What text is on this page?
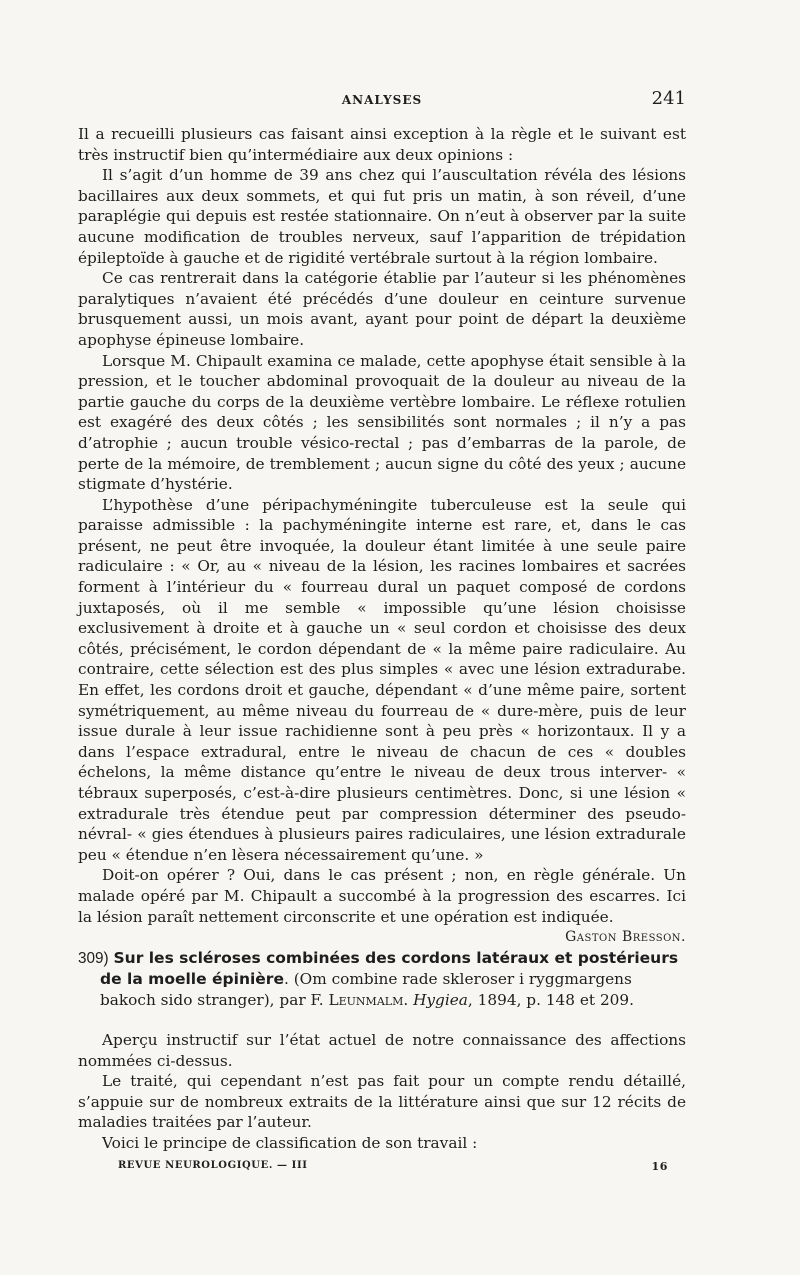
ANALYSES	241

Il a recueilli plusieurs cas faisant ainsi exception à la règle et le suivant est très instructif bien qu’intermédiaire aux deux opinions :

Il s’agit d’un homme de 39 ans chez qui l’auscultation révéla des lésions bacillaires aux deux sommets, et qui fut pris un matin, à son réveil, d’une paraplégie qui depuis est restée stationnaire. On n’eut à observer par la suite aucune modification de troubles nerveux, sauf l’apparition de trépidation épileptoïde à gauche et de rigidité vertébrale surtout à la région lombaire.

Ce cas rentrerait dans la catégorie établie par l’auteur si les phénomènes paralytiques n’avaient été précédés d’une douleur en ceinture survenue brusquement aussi, un mois avant, ayant pour point de départ la deuxième apophyse épineuse lombaire.

Lorsque M. Chipault examina ce malade, cette apophyse était sensible à la pression, et le toucher abdominal provoquait de la douleur au niveau de la partie gauche du corps de la deuxième vertèbre lombaire. Le réflexe rotulien est exagéré des deux côtés ; les sensibilités sont normales ; il n’y a pas d’atrophie ; aucun trouble vésico-rectal ; pas d’embarras de la parole, de perte de la mémoire, de tremblement ; aucun signe du côté des yeux ; aucune stigmate d’hystérie.

L’hypothèse d’une péripachyméningite tuberculeuse est la seule qui paraisse admissible : la pachyméningite interne est rare, et, dans le cas présent, ne peut être invoquée, la douleur étant limitée à une seule paire radiculaire : « Or, au « niveau de la lésion, les racines lombaires et sacrées forment à l’intérieur du « fourreau dural un paquet composé de cordons juxtaposés, où il me semble « impossible qu’une lésion choisisse exclusivement à droite et à gauche un « seul cordon et choisisse des deux côtés, précisément, le cordon dépendant de « la même paire radiculaire. Au contraire, cette sélection est des plus simples « avec une lésion extradurabe. En effet, les cordons droit et gauche, dépendant « d’une même paire, sortent symétriquement, au même niveau du fourreau de « dure-mère, puis de leur issue durale à leur issue rachidienne sont à peu près « horizontaux. Il y a dans l’espace extradural, entre le niveau de chacun de ces « doubles échelons, la même distance qu’entre le niveau de deux trous interver- « tébraux superposés, c’est-à-dire plusieurs centimètres. Donc, si une lésion « extradurale très étendue peut par compression déterminer des pseudo-névral- « gies étendues à plusieurs paires radiculaires, une lésion extradurale peu « étendue n’en lèsera nécessairement qu’une. »

Doit-on opérer ? Oui, dans le cas présent ; non, en règle générale. Un malade opéré par M. Chipault a succombé à la progression des escarres. Ici la lésion paraît nettement circonscrite et une opération est indiquée.

Gaston Bresson.
309) Sur les scléroses combinées des cordons latéraux et postérieurs
de la moelle épinière. (Om combine rade skleroser i ryggmargens bakoch sido stranger), par F. Leunmalm. Hygiea, 1894, p. 148 et 209.

Aperçu instructif sur l’état actuel de notre connaissance des affections nommées ci-dessus.

Le traité, qui cependant n’est pas fait pour un compte rendu détaillé, s’appuie sur de nombreux extraits de la littérature ainsi que sur 12 récits de maladies traitées par l’auteur.

Voici le principe de classification de son travail :

REVUE NEUROLOGIQUE. — III	16
